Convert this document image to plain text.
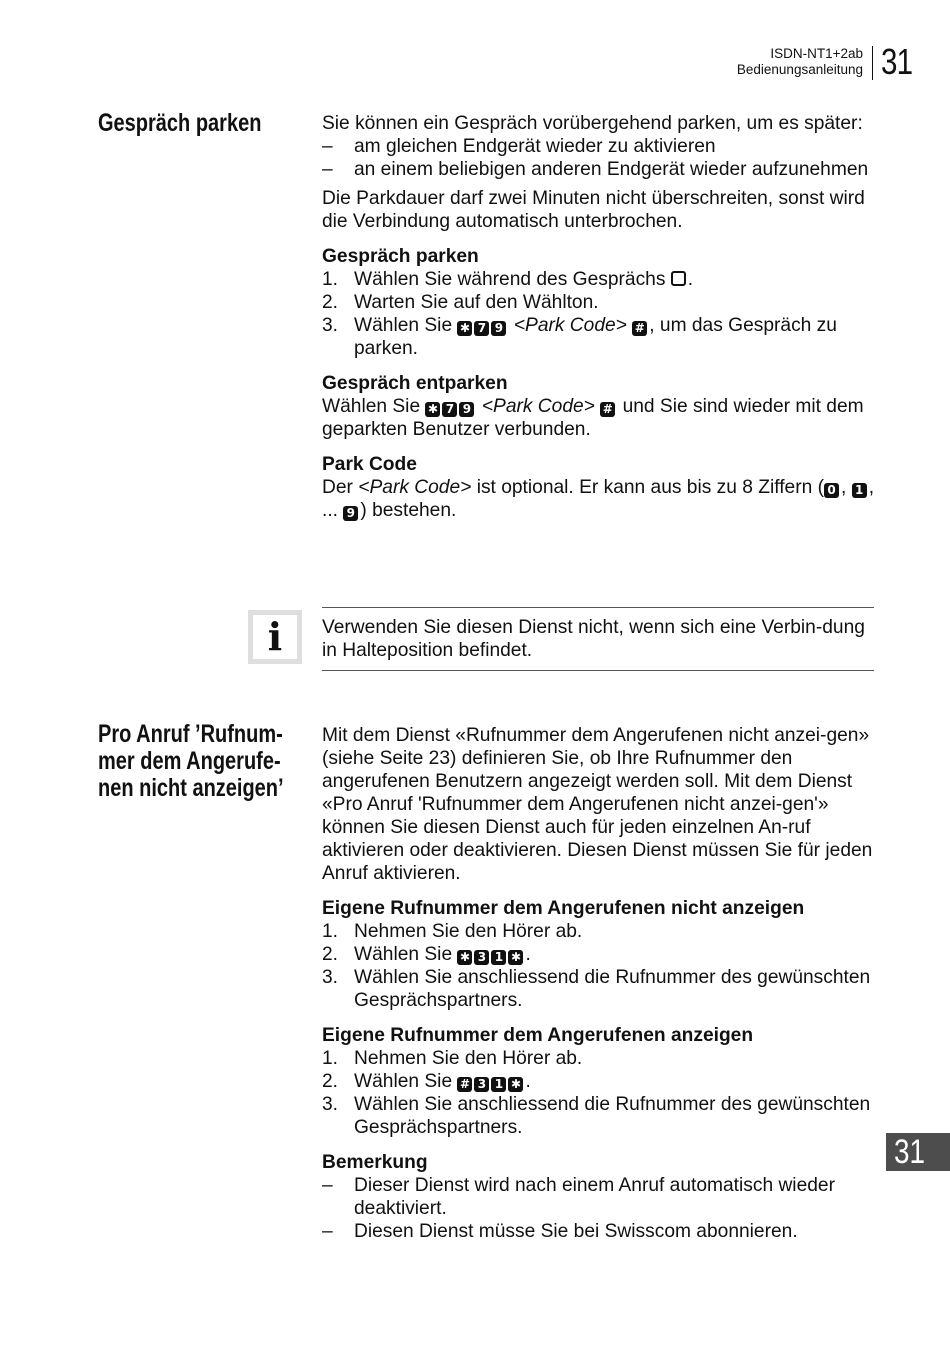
ISDN-NT1+2ab
Bedienungsanleitung 31
Gespräch parken	Sie können ein Gespräch vorübergehend parken, um es später:

–	am gleichen Endgerät wieder zu aktivieren
–	an einem beliebigen anderen Endgerät wieder aufzunehmen

Die Parkdauer darf zwei Minuten nicht überschreiten, sonst wird die Verbindung automatisch unterbrochen.

Gespräch parken

1. Wählen Sie während des Gesprächs .
2. Warten Sie auf den Wählton.
3. Wählen Sie ✱ 7 9 <Park Code> # , um das Gespräch zu parken.

Gespräch entparken

Wählen Sie ✱ 7 9 <Park Code> # und Sie sind wieder mit dem geparkten Benutzer verbunden.

Park Code

Der <Park Code> ist optional. Er kann aus bis zu 8 Ziffern ( 0 , 1 , ... 9 ) bestehen.

i	Verwenden Sie diesen Dienst nicht, wenn sich eine Verbin-dung in Halteposition befindet.
Pro Anruf ’Rufnum-mer dem Angerufe-nen nicht anzeigen’

Mit dem Dienst «Rufnummer dem Angerufenen nicht anzei-gen» (siehe Seite 23) definieren Sie, ob Ihre Rufnummer den angerufenen Benutzern angezeigt werden soll. Mit dem Dienst «Pro Anruf 'Rufnummer dem Angerufenen nicht anzei-gen'» können Sie diesen Dienst auch für jeden einzelnen An-ruf aktivieren oder deaktivieren. Diesen Dienst müssen Sie für jeden Anruf aktivieren.

Eigene Rufnummer dem Angerufenen nicht anzeigen

1. Nehmen Sie den Hörer ab.
2. Wählen Sie ✱ 3 1 ✱ .
3. Wählen Sie anschliessend die Rufnummer des gewünschten Gesprächspartners.

Eigene Rufnummer dem Angerufenen anzeigen

1. Nehmen Sie den Hörer ab.
2. Wählen Sie # 3 1 ✱ .
3. Wählen Sie anschliessend die Rufnummer des gewünschten Gesprächspartners.

Bemerkung

–	Dieser Dienst wird nach einem Anruf automatisch wieder deaktiviert.
–	Diesen Dienst müsse Sie bei Swisscom abonnieren.
31
